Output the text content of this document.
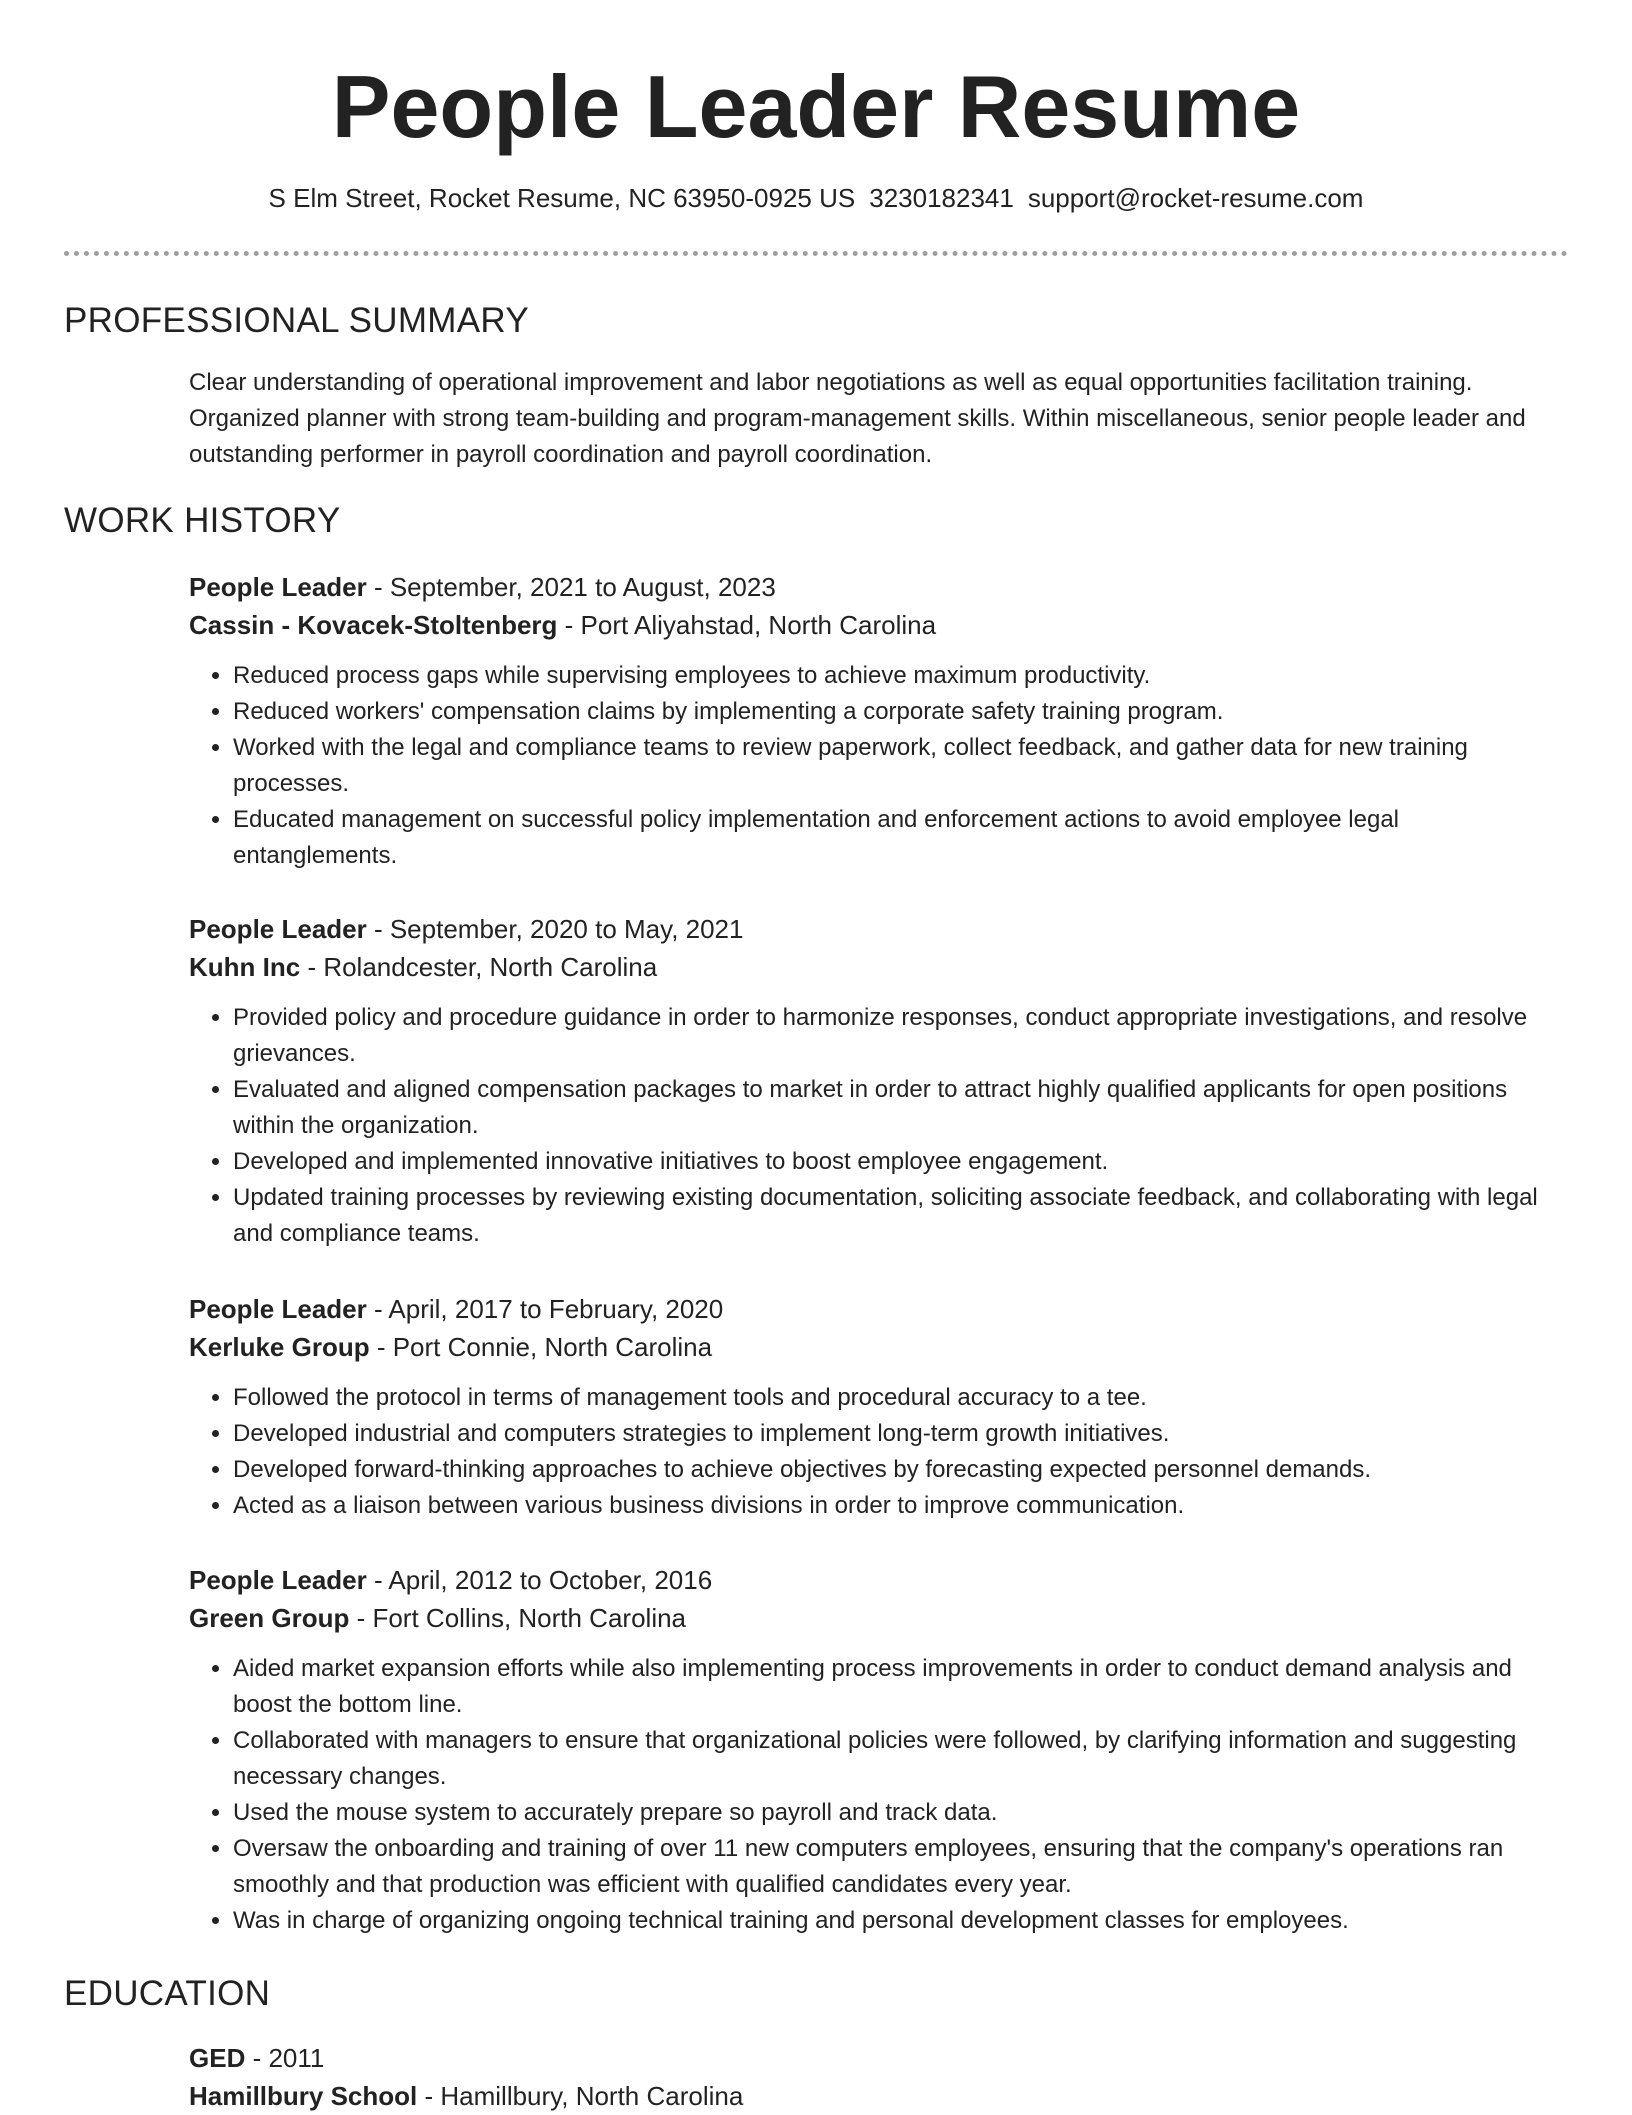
People Leader Resume
S Elm Street, Rocket Resume, NC 63950-0925 US 3230182341 support@rocket-resume.com
PROFESSIONAL SUMMARY
Clear understanding of operational improvement and labor negotiations as well as equal opportunities facilitation training. Organized planner with strong team-building and program-management skills. Within miscellaneous, senior people leader and outstanding performer in payroll coordination and payroll coordination.
WORK HISTORY
People Leader - September, 2021 to August, 2023
Cassin - Kovacek-Stoltenberg - Port Aliyahstad, North Carolina
• Reduced process gaps while supervising employees to achieve maximum productivity.
• Reduced workers' compensation claims by implementing a corporate safety training program.
• Worked with the legal and compliance teams to review paperwork, collect feedback, and gather data for new training processes.
• Educated management on successful policy implementation and enforcement actions to avoid employee legal entanglements.
People Leader - September, 2020 to May, 2021
Kuhn Inc - Rolandcester, North Carolina
• Provided policy and procedure guidance in order to harmonize responses, conduct appropriate investigations, and resolve grievances.
• Evaluated and aligned compensation packages to market in order to attract highly qualified applicants for open positions within the organization.
• Developed and implemented innovative initiatives to boost employee engagement.
• Updated training processes by reviewing existing documentation, soliciting associate feedback, and collaborating with legal and compliance teams.
People Leader - April, 2017 to February, 2020
Kerluke Group - Port Connie, North Carolina
• Followed the protocol in terms of management tools and procedural accuracy to a tee.
• Developed industrial and computers strategies to implement long-term growth initiatives.
• Developed forward-thinking approaches to achieve objectives by forecasting expected personnel demands.
• Acted as a liaison between various business divisions in order to improve communication.
People Leader - April, 2012 to October, 2016
Green Group - Fort Collins, North Carolina
• Aided market expansion efforts while also implementing process improvements in order to conduct demand analysis and boost the bottom line.
• Collaborated with managers to ensure that organizational policies were followed, by clarifying information and suggesting necessary changes.
• Used the mouse system to accurately prepare so payroll and track data.
• Oversaw the onboarding and training of over 11 new computers employees, ensuring that the company's operations ran smoothly and that production was efficient with qualified candidates every year.
• Was in charge of organizing ongoing technical training and personal development classes for employees.
EDUCATION
GED - 2011
Hamillbury School - Hamillbury, North Carolina
